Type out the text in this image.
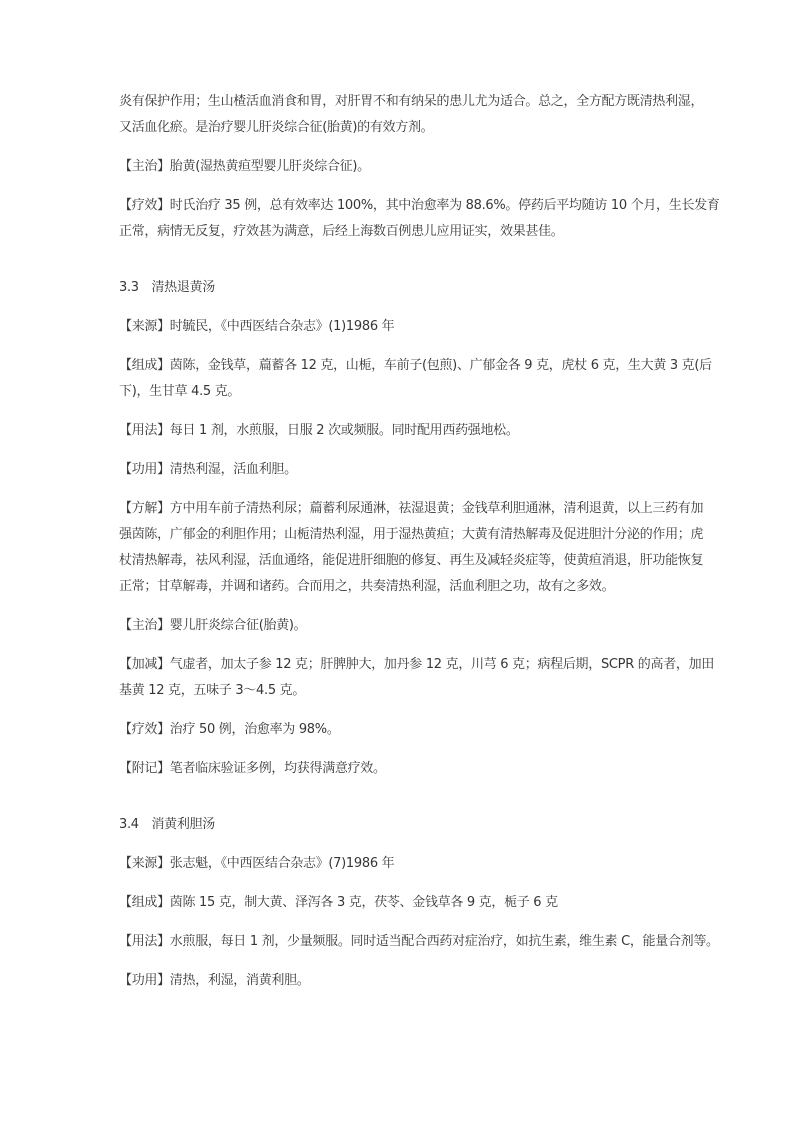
炎有保护作用；生山楂活血消食和胃，对肝胃不和有纳呆的患儿尤为适合。总之，全方配方既清热利湿，
又活血化瘀。是治疗婴儿肝炎综合征(胎黄)的有效方剂。
【主治】胎黄(湿热黄疸型婴儿肝炎综合征)。
【疗效】时氏治疗 35 例，总有效率达 100%，其中治愈率为 88.6%。停药后平均随访 10 个月，生长发育
正常，病情无反复，疗效甚为满意，后经上海数百例患儿应用证实，效果甚佳。
3.3　清热退黄汤
【来源】时毓民，《中西医结合杂志》(1)1986 年
【组成】茵陈，金钱草，萹蓄各 12 克，山栀，车前子(包煎)、广郁金各 9 克，虎杖 6 克，生大黄 3 克(后
下)，生甘草 4.5 克。
【用法】每日 1 剂，水煎服，日服 2 次或频服。同时配用西药强地松。
【功用】清热利湿，活血利胆。
【方解】方中用车前子清热利尿；萹蓄利尿通淋，祛湿退黄；金钱草利胆通淋，清利退黄，以上三药有加
强茵陈，广郁金的利胆作用；山栀清热利湿，用于湿热黄疸；大黄有清热解毒及促进胆汁分泌的作用；虎
杖清热解毒，祛风利湿，活血通络，能促进肝细胞的修复、再生及减轻炎症等，使黄疸消退，肝功能恢复
正常；甘草解毒，并调和诸药。合而用之，共奏清热利湿，活血利胆之功，故有之多效。
【主治】婴儿肝炎综合征(胎黄)。
【加减】气虚者，加太子参 12 克；肝脾肿大，加丹参 12 克，川芎 6 克；病程后期，SCPR 的高者，加田
基黄 12 克，五味子 3～4.5 克。
【疗效】治疗 50 例，治愈率为 98%。
【附记】笔者临床验证多例，均获得满意疗效。
3.4　消黄利胆汤
【来源】张志魁，《中西医结合杂志》(7)1986 年
【组成】茵陈 15 克，制大黄、泽泻各 3 克，茯苓、金钱草各 9 克，栀子 6 克
【用法】水煎服，每日 1 剂，少量频服。同时适当配合西药对症治疗，如抗生素，维生素 C，能量合剂等。
【功用】清热，利湿，消黄利胆。
